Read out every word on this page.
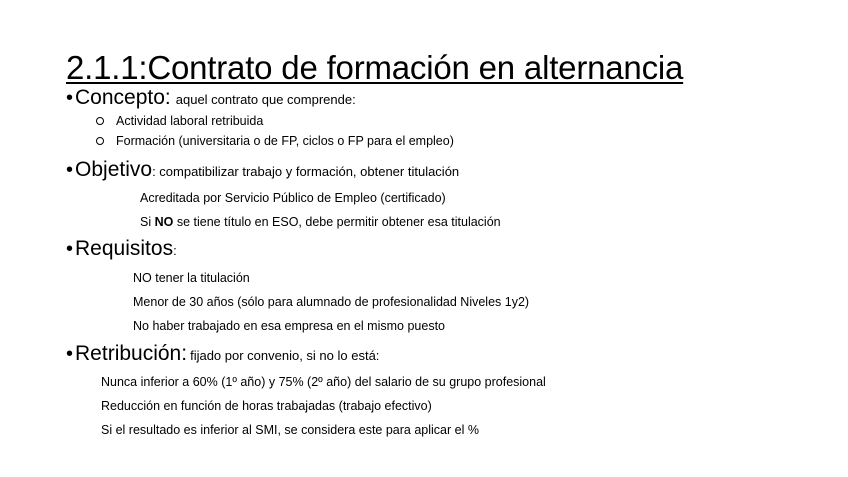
2.1.1:Contrato de formación en alternancia
• Concepto: aquel contrato que comprende:
Actividad laboral retribuida
Formación (universitaria o de FP, ciclos o FP para el empleo)
• Objetivo : compatibilizar trabajo y formación, obtener titulación
Acreditada por Servicio Público de Empleo (certificado)
Si NO se tiene título en ESO, debe permitir obtener esa titulación
• Requisitos :
NO tener la titulación
Menor de 30 años (sólo para alumnado de profesionalidad Niveles 1y2)
No haber trabajado en esa empresa en el mismo puesto
• Retribución: fijado por convenio, si no lo está:
Nunca inferior a 60% (1º año) y 75% (2º año) del salario de su grupo profesional
Reducción en función de horas trabajadas (trabajo efectivo)
Si el resultado es inferior al SMI, se considera este para aplicar el %
